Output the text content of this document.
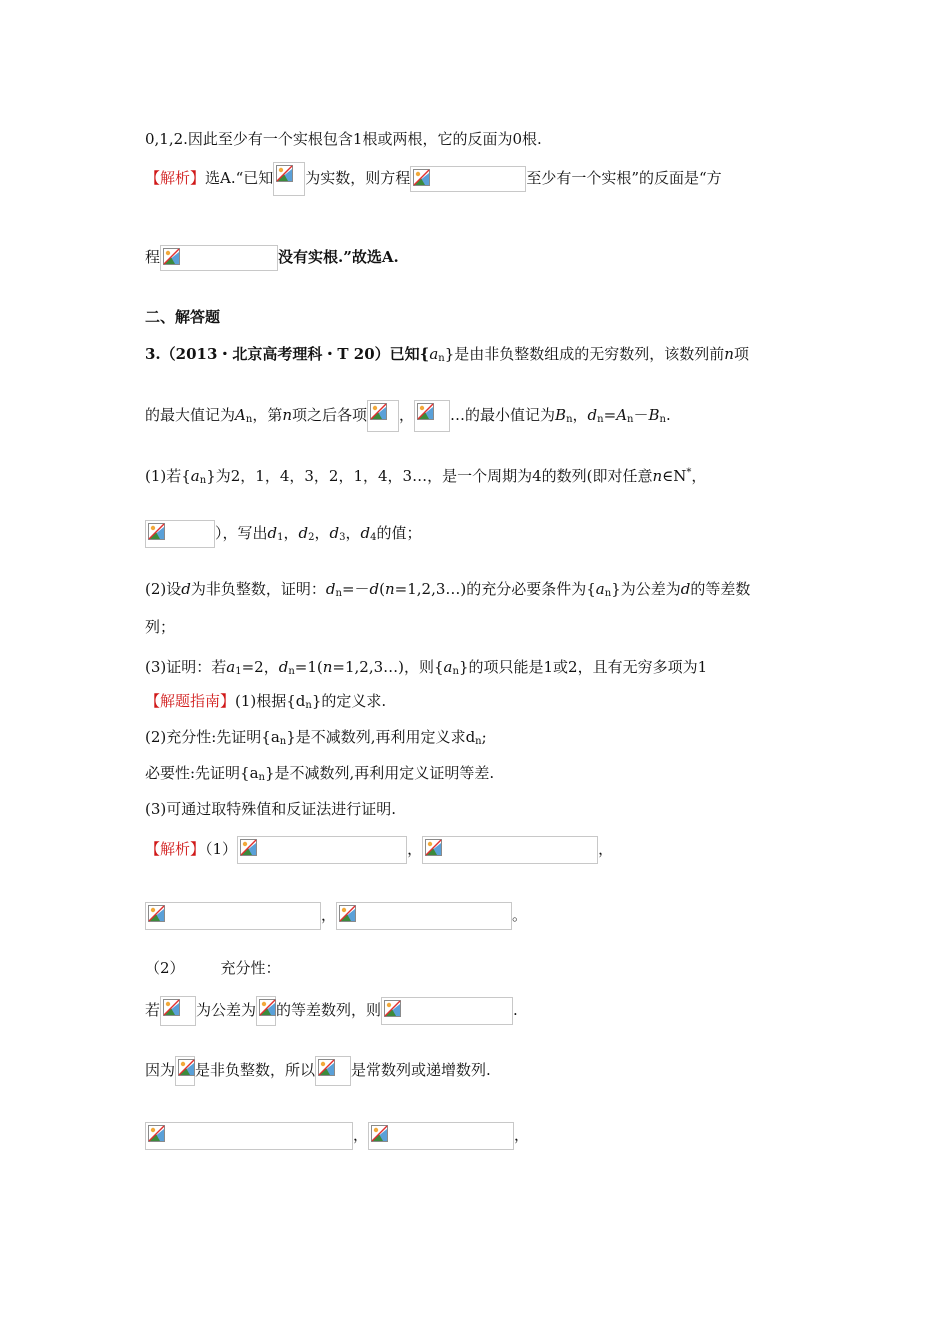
0,1,2.因此至少有一个实根包含1根或两根，它的反面为0根.
【解析】选A.“已知 为实数，则方程	至少有一个实根”的反面是“方
程	没有实根.”故选A.
二、解答题
3.（2013・北京高考理科・T 20）已知$\{a_n\}$是由非负整数组成的无穷数列，该数列前n项
的最大值记为$A_n$，第n项之后各项 ， …的最小值记为$B_n$，$d_n=A_n-B_n$.
(1)若$\{a_n\}$为2，1，4，3，2，1，4，3…，是一个周期为4的数列(即对任意n∈N*，
），写出$d_1$，$d_2$，$d_3$，$d_4$的值；
(2)设d为非负整数，证明：$d_n=-d(n=1,2,3\dots)$的充分必要条件为$\{a_n\}$为公差为d的等差数
列；
(3)证明：若$a_1=2$，$d_n=1(n=1,2,3\dots)$，则$\{a_n\}$的项只能是1或2，且有无穷多项为1
【解题指南】(1)根据$\{d_n\}$的定义求.
(2)充分性:先证明$\{a_n\}$是不减数列,再利用定义求$d_n$;
必要性:先证明$\{a_n\}$是不减数列,再利用定义证明等差.
(3)可通过取特殊值和反证法进行证明.
【解析】（1）	，	，
，	。
（2） 充分性：
若 为公差为 的等差数列，则	.
因为 是非负整数，所以 是常数列或递增数列.
，	，
